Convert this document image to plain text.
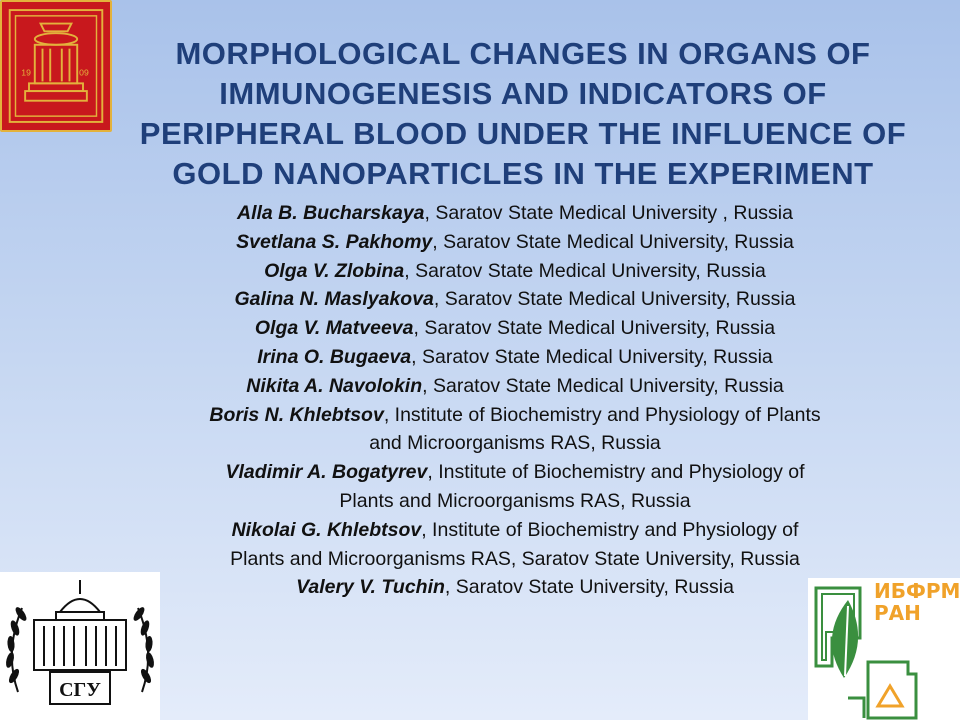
19	09
MORPHOLOGICAL CHANGES IN ORGANS OF
IMMUNOGENESIS AND INDICATORS OF
PERIPHERAL BLOOD UNDER THE INFLUENCE OF
GOLD NANOPARTICLES IN THE EXPERIMENT
Alla B. Bucharskaya, Saratov State Medical University , Russia
Svetlana S. Pakhomy, Saratov State Medical University, Russia
Olga V. Zlobina, Saratov State Medical University, Russia
Galina N. Maslyakova, Saratov State Medical University, Russia
Olga V. Matveeva, Saratov State Medical University, Russia
Irina O. Bugaeva, Saratov State Medical University, Russia
Nikita A. Navolokin, Saratov State Medical University, Russia
Boris N. Khlebtsov, Institute of Biochemistry and Physiology of Plants
and Microorganisms RAS, Russia
Vladimir A. Bogatyrev, Institute of Biochemistry and Physiology of
Plants and Microorganisms RAS, Russia
Nikolai G. Khlebtsov, Institute of Biochemistry and Physiology of
Plants and Microorganisms RAS, Saratov State University, Russia
Valery V. Tuchin, Saratov State University, Russia
СГУ
ИБФРМ
РАН
